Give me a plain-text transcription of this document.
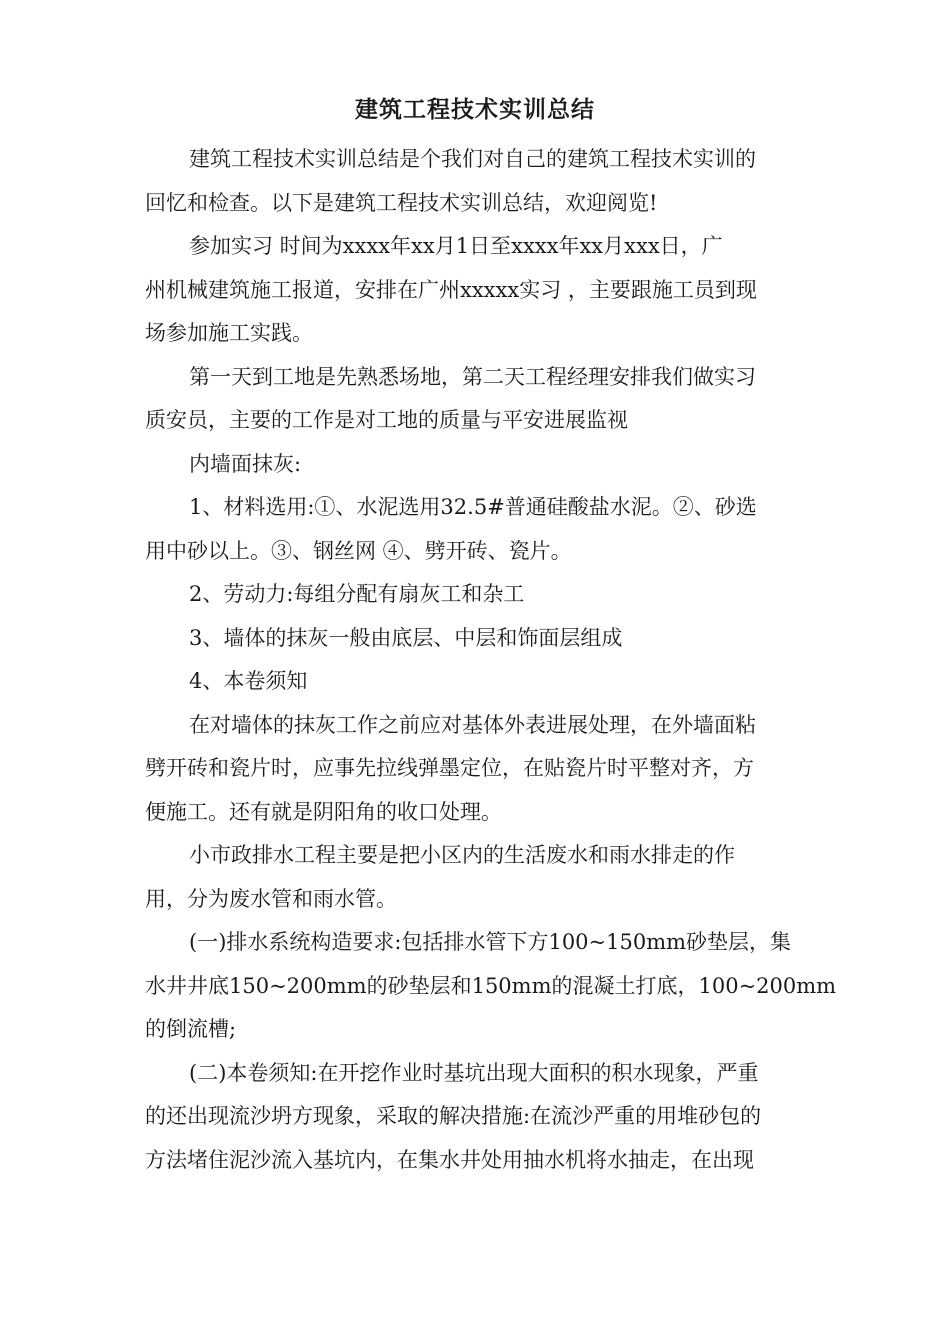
建筑工程技术实训总结
建筑工程技术实训总结是个我们对自己的建筑工程技术实训的
回忆和检查。以下是建筑工程技术实训总结，欢迎阅览!
参加实习 时间为xxxx年xx月1日至xxxx年xx月xxx日，广
州机械建筑施工报道，安排在广州xxxxx实习 ，主要跟施工员到现
场参加施工实践。
第一天到工地是先熟悉场地，第二天工程经理安排我们做实习
质安员，主要的工作是对工地的质量与平安进展监视
内墙面抹灰:
1、材料选用:①、水泥选用32.5#普通硅酸盐水泥。②、砂选
用中砂以上。③、钢丝网 ④、劈开砖、瓷片。
2、劳动力:每组分配有扇灰工和杂工
3、墙体的抹灰一般由底层、中层和饰面层组成
4、本卷须知
在对墙体的抹灰工作之前应对基体外表进展处理，在外墙面粘
劈开砖和瓷片时，应事先拉线弹墨定位，在贴瓷片时平整对齐，方
便施工。还有就是阴阳角的收口处理。
小市政排水工程主要是把小区内的生活废水和雨水排走的作
用，分为废水管和雨水管。
(一)排水系统构造要求:包括排水管下方100~150mm砂垫层，集
水井井底150~200mm的砂垫层和150mm的混凝土打底，100~200mm
的倒流槽;
(二)本卷须知:在开挖作业时基坑出现大面积的积水现象，严重
的还出现流沙坍方现象，采取的解决措施:在流沙严重的用堆砂包的
方法堵住泥沙流入基坑内，在集水井处用抽水机将水抽走，在出现
